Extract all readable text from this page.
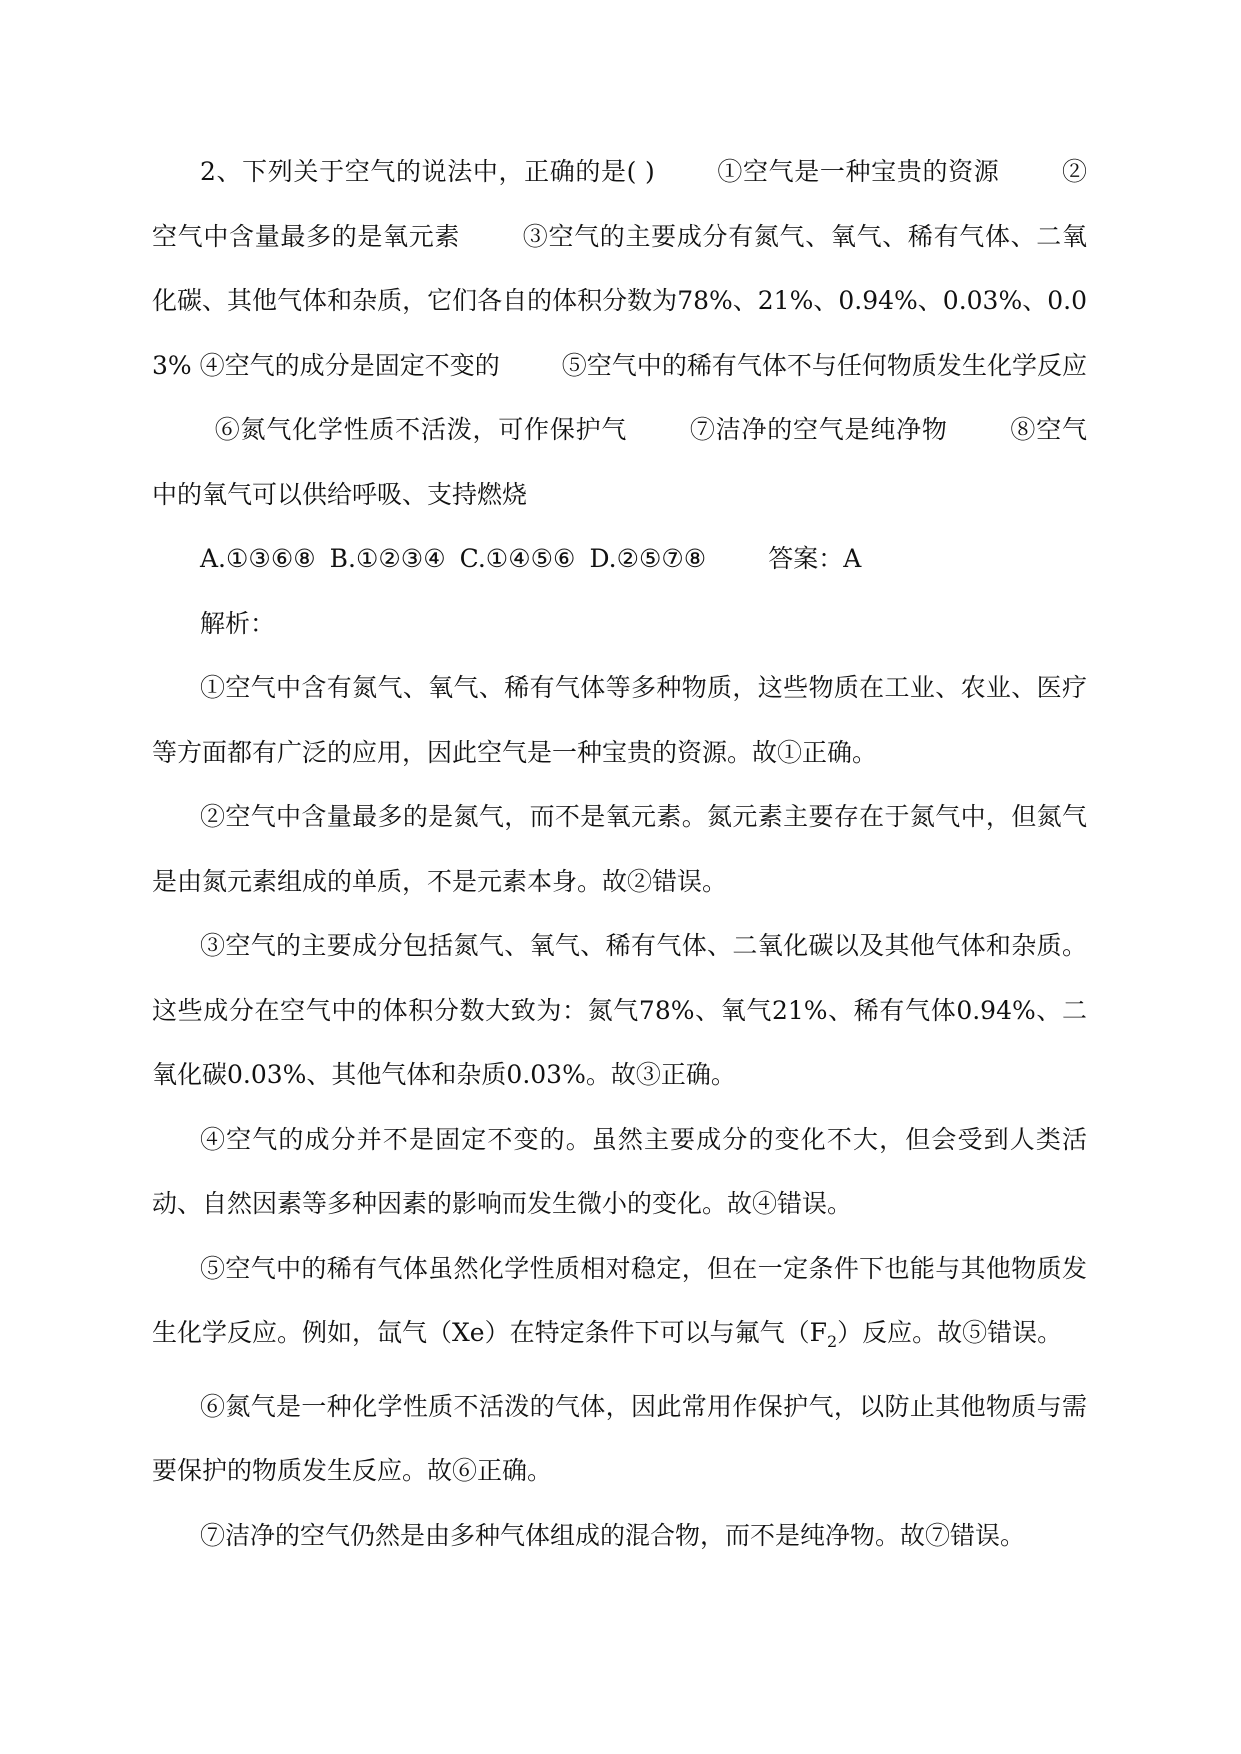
2、下列关于空气的说法中，正确的是( ) ①空气是一种宝贵的资源 ②空气中含量最多的是氧元素 ③空气的主要成分有氮气、氧气、稀有气体、二氧化碳、其他气体和杂质，它们各自的体积分数为78%、21%、0.94%、0.03%、0.03% ④空气的成分是固定不变的 ⑤空气中的稀有气体不与任何物质发生化学反应⑥氮气化学性质不活泼，可作保护气 ⑦洁净的空气是纯净物 ⑧空气中的氧气可以供给呼吸、支持燃烧

A.①③⑥⑧ B.①②③④ C.①④⑤⑥ D.②⑤⑦⑧ 答案：A

解析：

①空气中含有氮气、氧气、稀有气体等多种物质，这些物质在工业、农业、医疗等方面都有广泛的应用，因此空气是一种宝贵的资源。故①正确。

②空气中含量最多的是氮气，而不是氧元素。氮元素主要存在于氮气中，但氮气是由氮元素组成的单质，不是元素本身。故②错误。

③空气的主要成分包括氮气、氧气、稀有气体、二氧化碳以及其他气体和杂质。这些成分在空气中的体积分数大致为：氮气78%、氧气21%、稀有气体0.94%、二氧化碳0.03%、其他气体和杂质0.03%。故③正确。

④空气的成分并不是固定不变的。虽然主要成分的变化不大，但会受到人类活动、自然因素等多种因素的影响而发生微小的变化。故④错误。

⑤空气中的稀有气体虽然化学性质相对稳定，但在一定条件下也能与其他物质发生化学反应。例如，氙气（Xe）在特定条件下可以与氟气$(F_2)$反应。故⑤错误。

⑥氮气是一种化学性质不活泼的气体，因此常用作保护气，以防止其他物质与需要保护的物质发生反应。故⑥正确。

⑦洁净的空气仍然是由多种气体组成的混合物，而不是纯净物。故⑦错误。
